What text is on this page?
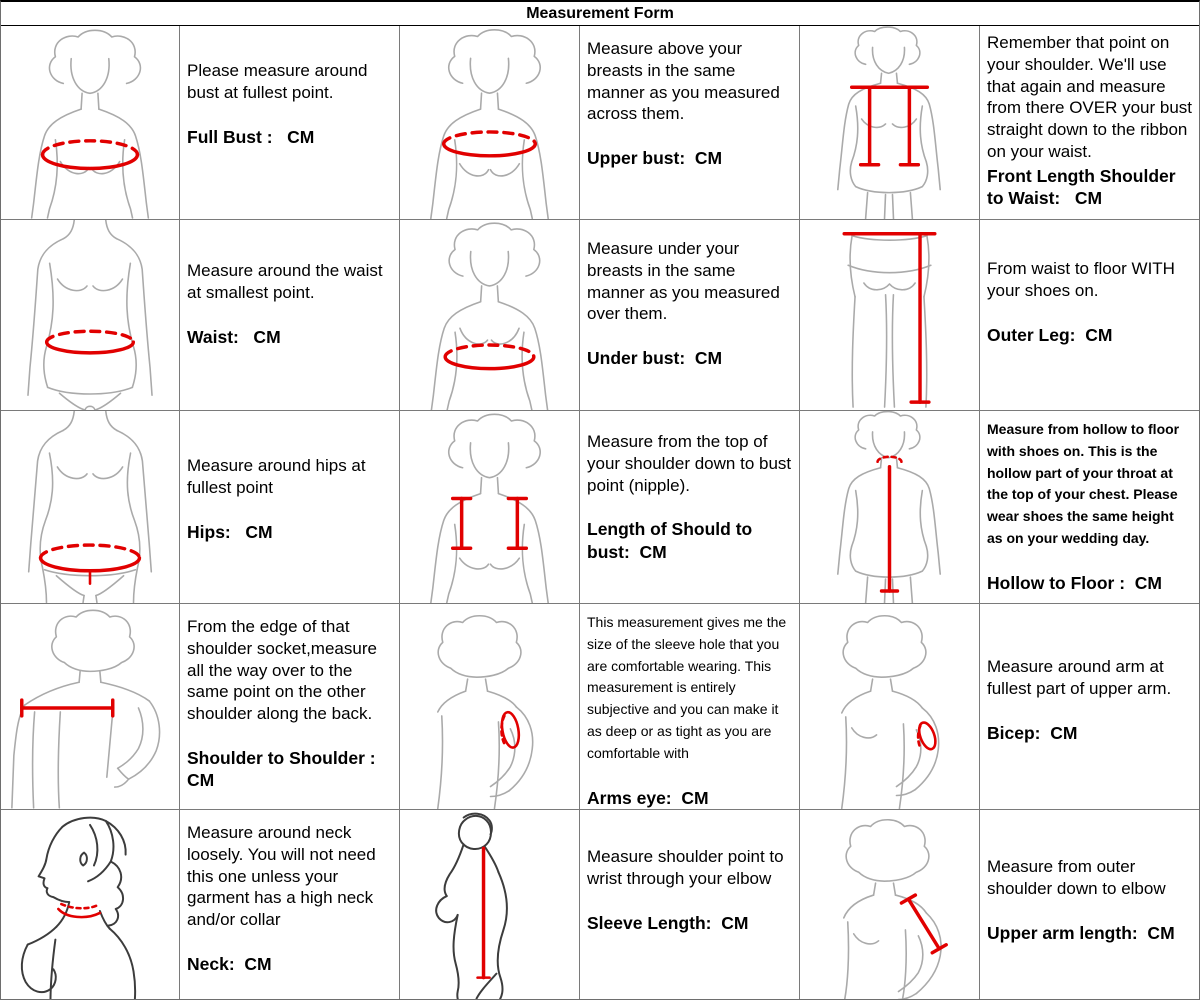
Measurement Form
Please measure around bust at fullest point.
Full Bust :   CM
Measure above your breasts in the same manner as you measured across them.
Upper bust:  CM
Remember that point on your shoulder. We'll use that again and measure from there OVER your bust straight down to the ribbon on your waist.
Front Length Shoulder to Waist:   CM
Measure around the waist at smallest point.
Waist:   CM
Measure under your breasts in the same manner as you measured over them.
Under bust:  CM
From waist to floor WITH your shoes on.
Outer Leg:  CM
Measure around hips at fullest point
Hips:   CM
Measure from the top of your shoulder down to bust point (nipple).
Length of Should to bust:  CM
Measure from hollow to floor with shoes on. This is the hollow part of your throat at the top of your chest. Please wear shoes the same height as on your wedding day.
Hollow to Floor :  CM
From the edge of that shoulder socket,measure all the way over to the same point on the other shoulder along the back.
Shoulder to Shoulder : CM
This measurement gives me the size of the sleeve hole that you are comfortable wearing. This measurement is entirely subjective and you can make it as deep or as tight as you are comfortable with
Arms eye:  CM
Measure around arm at fullest part of upper arm.
Bicep:  CM
Measure around neck loosely. You will not need this one unless your garment has a high neck and/or collar
Neck:  CM
Measure shoulder point to wrist through your elbow
Sleeve Length:  CM
Measure from outer shoulder down to elbow
Upper arm length:  CM
